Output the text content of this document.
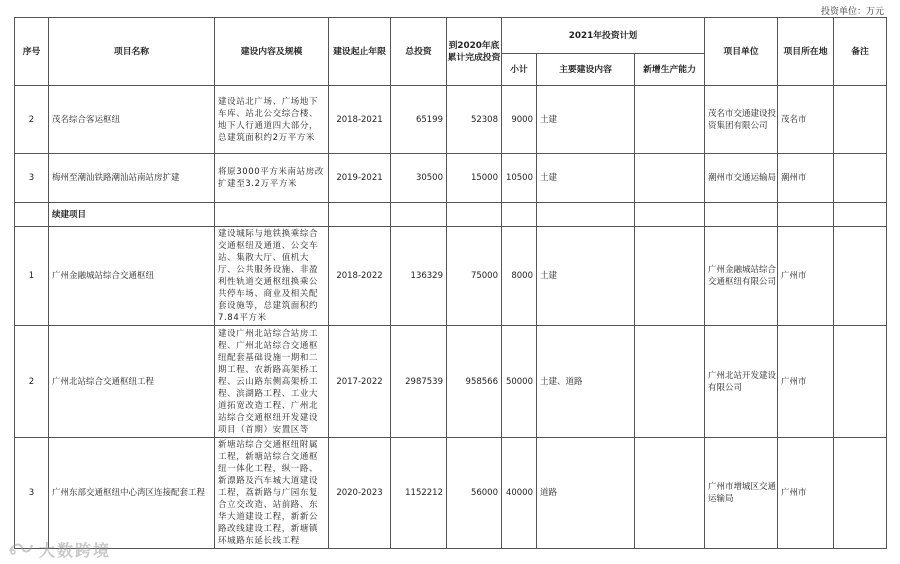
投资单位：万元
序号	项目名称	建设内容及规模	建设起止年限	总投资	到2020年底累计完成投资	2021年投资计划			项目单位	项目所在地	备注
						小计	主要建设内容	新增生产能力			
2	茂名综合客运枢纽	建设站北广场、广场地下车库、站北公交综合楼、地下人行通道四大部分，总建筑面积约2万平方米	2018-2021	65199	52308	9000	土建		茂名市交通建设投资集团有限公司	茂名市	
3	梅州至潮汕铁路潮汕站南站房扩建	将原3000平方米南站房改扩建至3.2万平方米	2019-2021	30500	15000	10500	土建		潮州市交通运输局	潮州市	
	续建项目										
1	广州金融城站综合交通枢纽	建设城际与地铁换乘综合交通枢纽及通道、公交车站、集散大厅、值机大厅、公共服务设施、非盈利性轨道交通枢纽换乘公共停车场、商业及相关配套设施等，总建筑面积约7.84平方米	2018-2022	136329	75000	8000	土建		广州金融城站综合交通枢纽有限公司	广州市	
2	广州北站综合交通枢纽工程	建设广州北站综合站房工程、广州北站综合交通枢纽配套基础设施一期和二期工程、农新路高架桥工程、云山路东侧高架桥工程、滨湖路工程、工业大道拓宽改造工程、广州北站综合交通枢纽开发建设项目（首期）安置区等	2017-2022	2987539	958566	50000	土建、道路		广州北站开发建设有限公司	广州市	
3	广州东部交通枢纽中心湾区连接配套工程	新塘站综合交通枢纽附属工程，新塘站综合交通枢纽一体化工程，纵一路、新漂路及汽车城大道建设工程，荔新路与广园东复合立交改造、站前路、东华大道建设工程，新新公路改线建设工程，新塘镇环城路东延长线工程	2020-2023	1152212	56000	40000	道路		广州市增城区交通运输局	广州市	
大数跨境
